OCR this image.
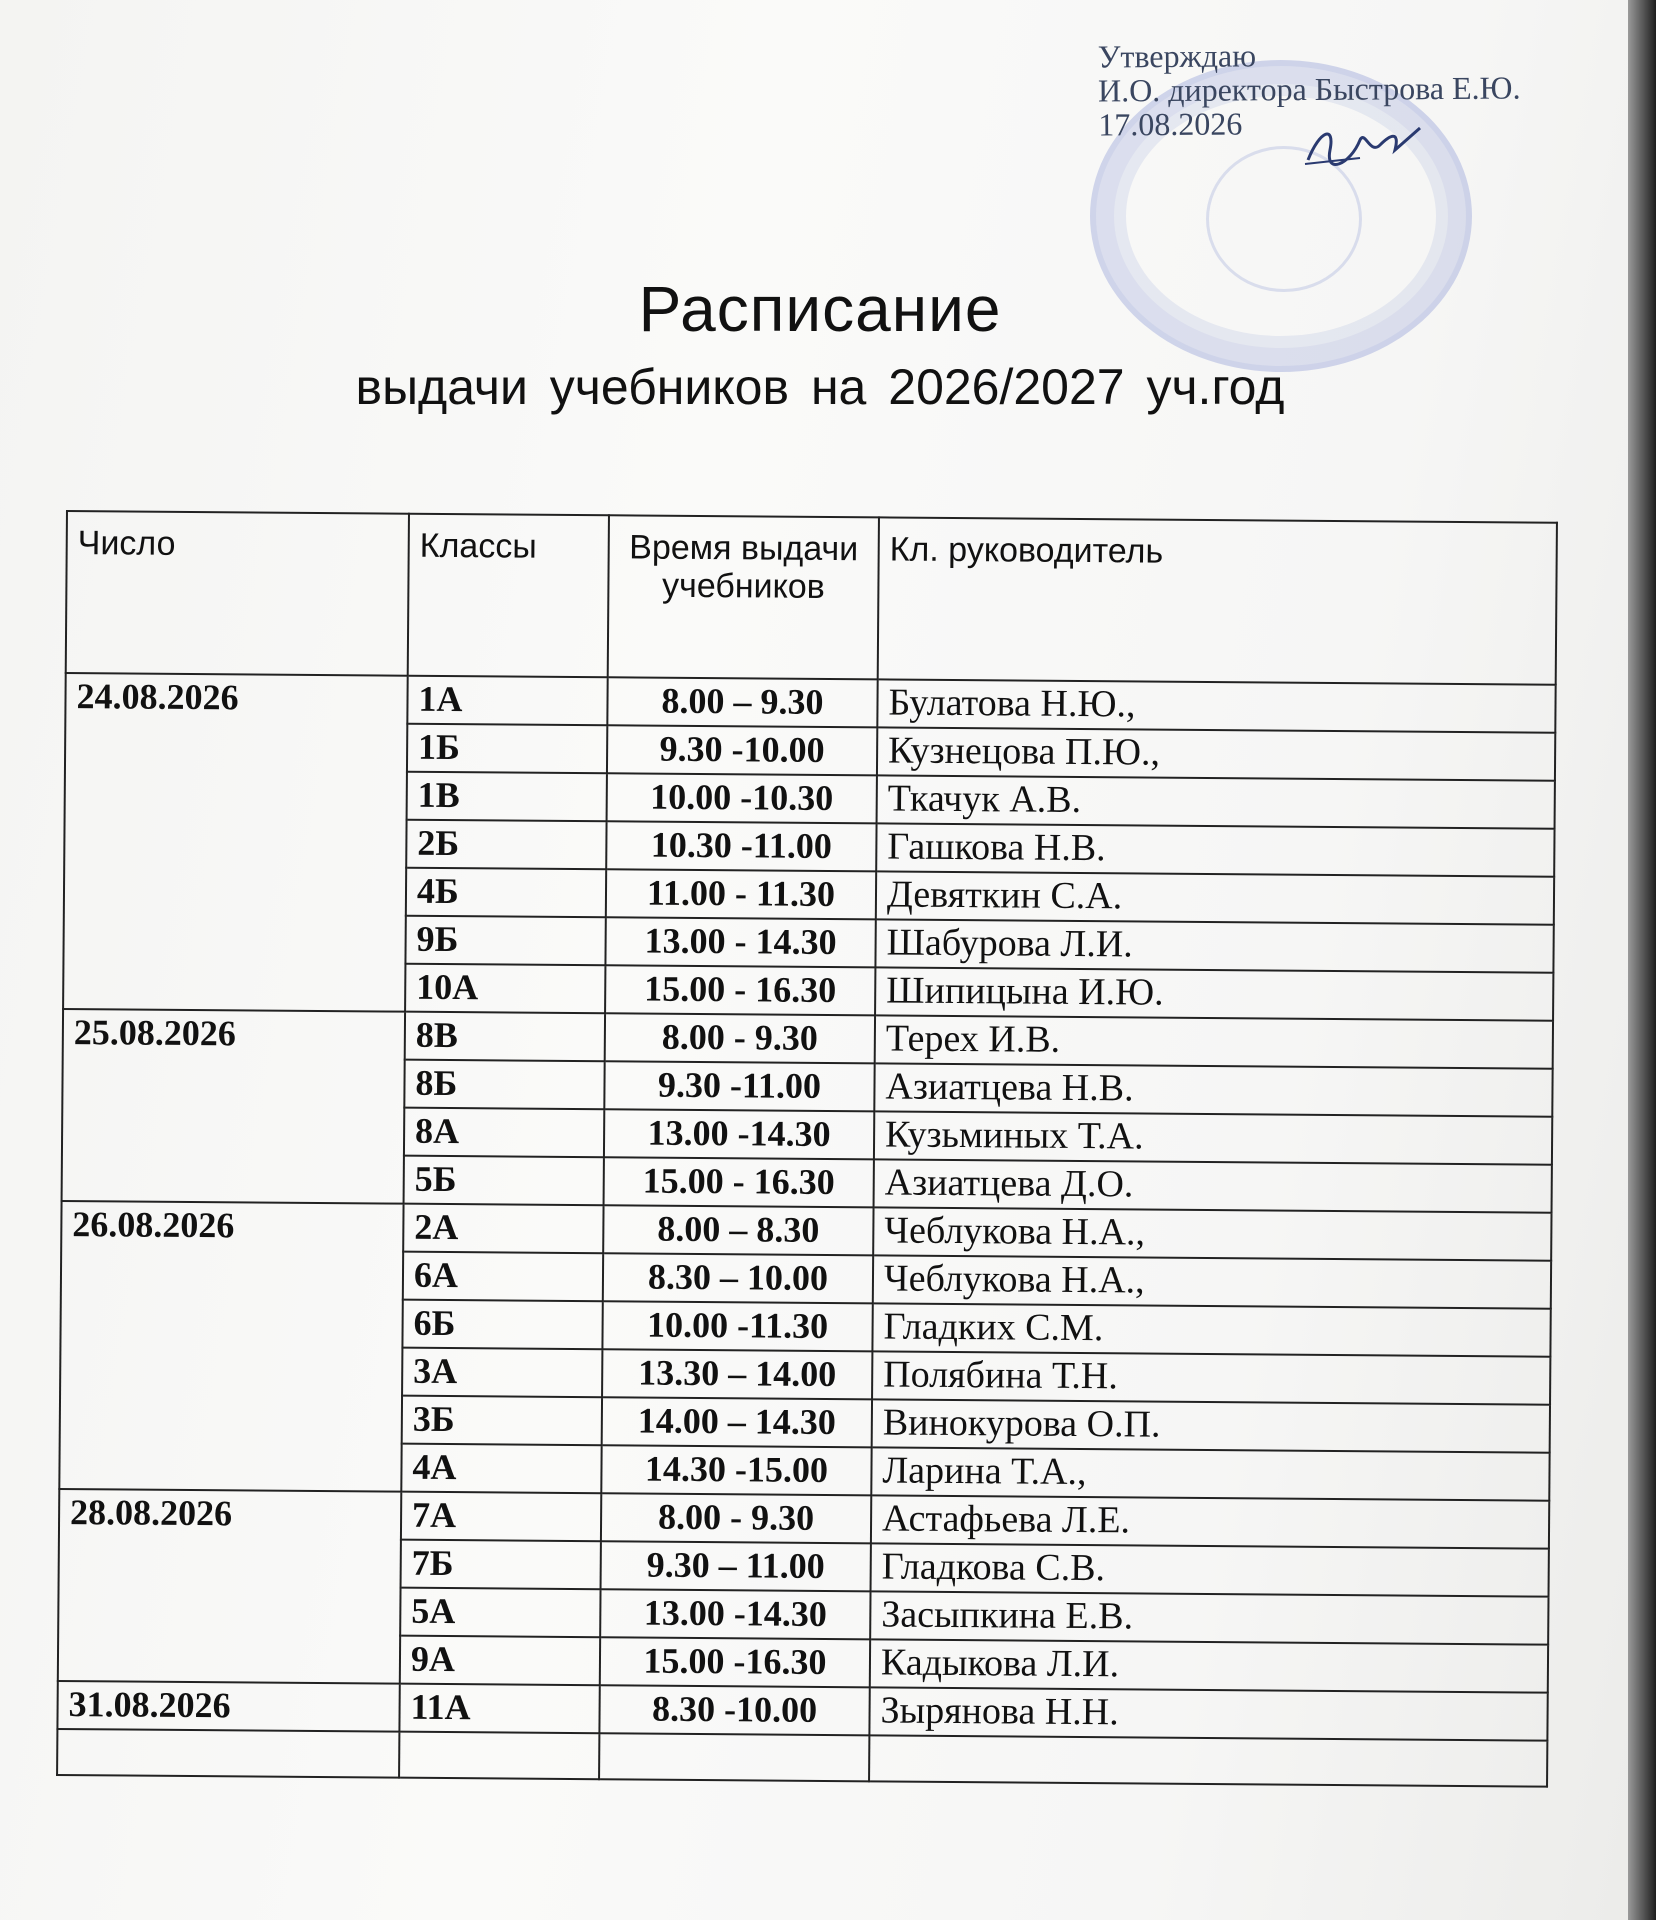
Утверждаю
И.О. директора Быстрова Е.Ю.
17.08.2026
Расписание
выдачи учебников на 2026/2027 уч.год
Число	Классы	Время выдачи учебников	Кл. руководитель
24.08.2026	1А	8.00 – 9.30	Булатова Н.Ю.,
	1Б	9.30 -10.00	Кузнецова П.Ю.,
	1В	10.00 -10.30	Ткачук А.В.
	2Б	10.30 -11.00	Гашкова Н.В.
	4Б	11.00 - 11.30	Девяткин С.А.
	9Б	13.00 - 14.30	Шабурова Л.И.
	10А	15.00 - 16.30	Шипицына И.Ю.
25.08.2026	8В	8.00 - 9.30	Терех И.В.
	8Б	9.30 -11.00	Азиатцева Н.В.
	8А	13.00 -14.30	Кузьминых Т.А.
	5Б	15.00 - 16.30	Азиатцева Д.О.
26.08.2026	2А	8.00 – 8.30	Чеблукова Н.А.,
	6А	8.30 – 10.00	Чеблукова Н.А.,
	6Б	10.00 -11.30	Гладких С.М.
	3А	13.30 – 14.00	Полябина Т.Н.
	3Б	14.00 – 14.30	Винокурова О.П.
	4А	14.30 -15.00	Ларина Т.А.,
28.08.2026	7А	8.00 - 9.30	Астафьева Л.Е.
	7Б	9.30 – 11.00	Гладкова С.В.
	5А	13.00 -14.30	Засыпкина Е.В.
	9А	15.00 -16.30	Кадыкова Л.И.
31.08.2026	11А	8.30 -10.00	Зырянова Н.Н.
